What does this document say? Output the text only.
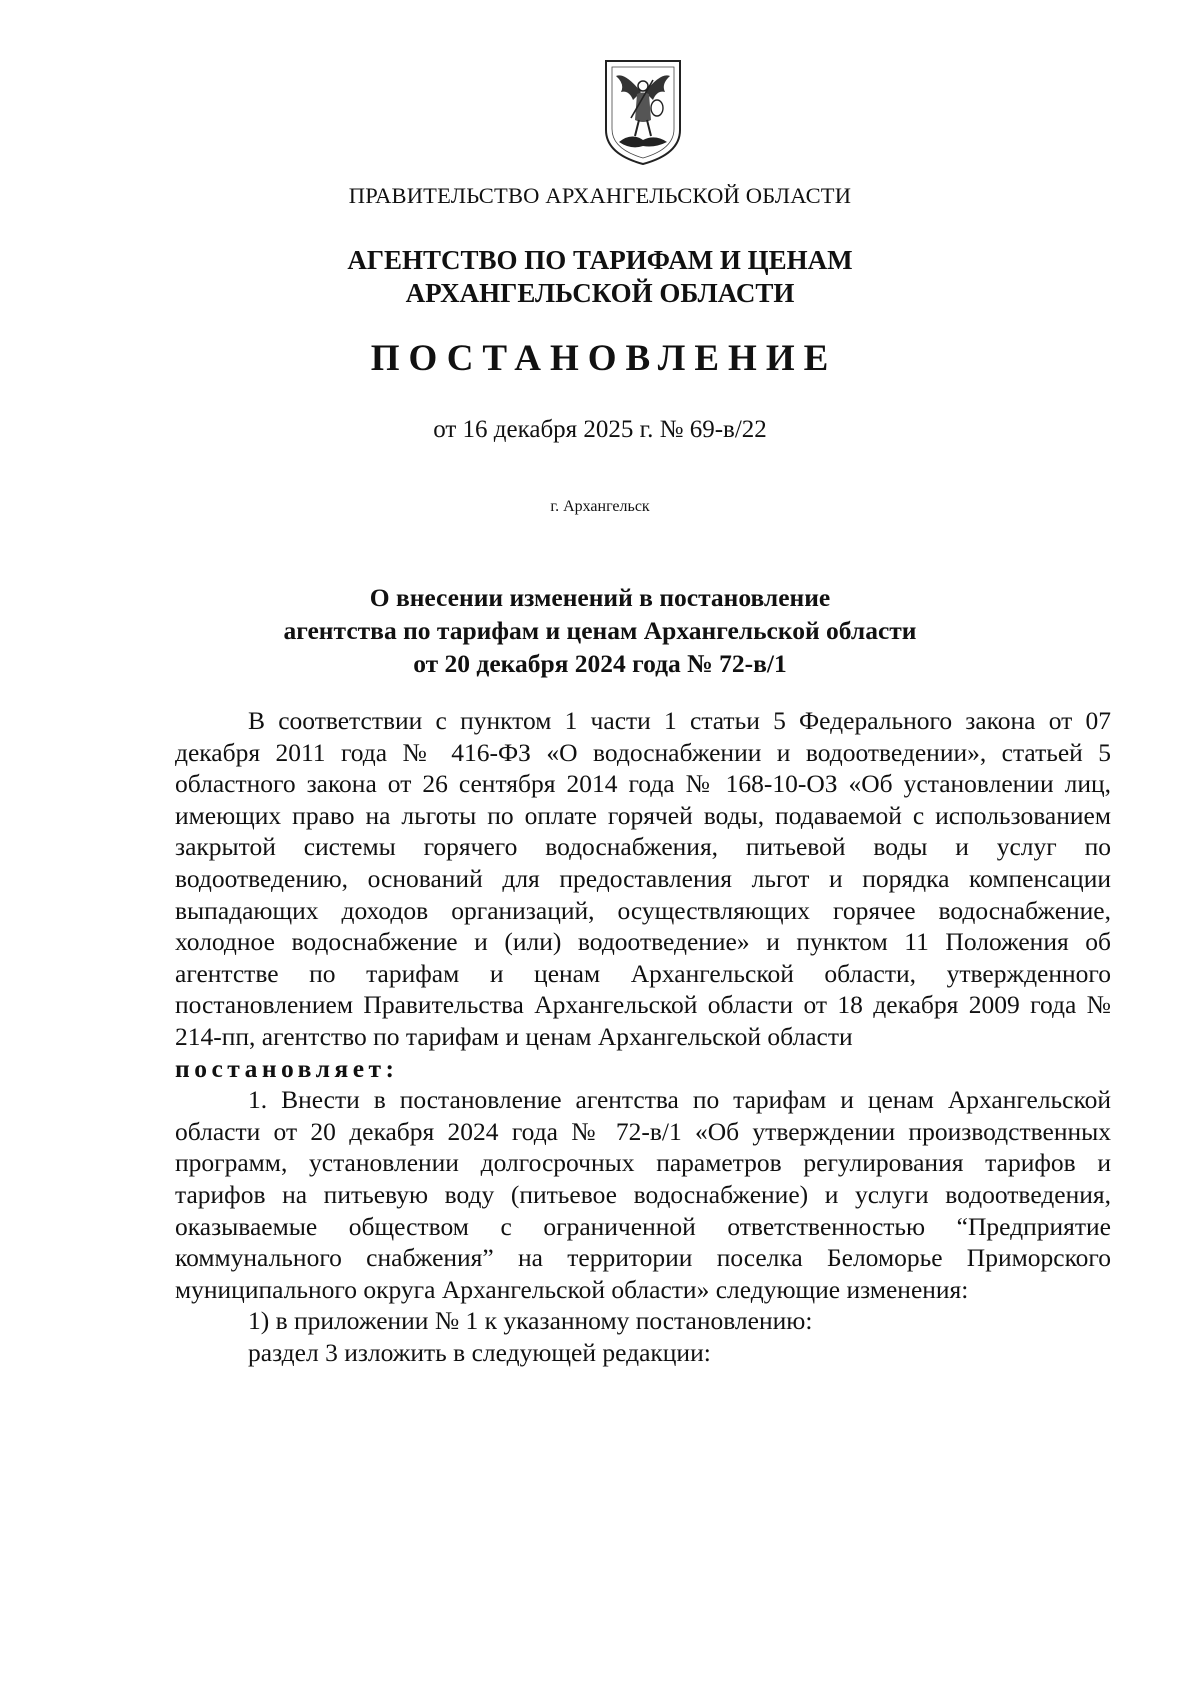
ПРАВИТЕЛЬСТВО АРХАНГЕЛЬСКОЙ ОБЛАСТИ
АГЕНТСТВО ПО ТАРИФАМ И ЦЕНАМ
АРХАНГЕЛЬСКОЙ ОБЛАСТИ
ПОСТАНОВЛЕНИЕ
от 16 декабря 2025 г. № 69-в/22
г. Архангельск
О внесении изменений в постановление
агентства по тарифам и ценам Архангельской области
от 20 декабря 2024 года № 72-в/1

В соответствии с пунктом 1 части 1 статьи 5 Федерального закона от 07 декабря 2011 года № 416-ФЗ «О водоснабжении и водоотведении», статьей 5 областного закона от 26 сентября 2014 года № 168-10-ОЗ «Об установлении лиц, имеющих право на льготы по оплате горячей воды, подаваемой с использованием закрытой системы горячего водоснабжения, питьевой воды и услуг по водоотведению, оснований для предоставления льгот и порядка компенсации выпадающих доходов организаций, осуществляющих горячее водоснабжение, холодное водоснабжение и (или) водоотведение» и пунктом 11 Положения об агентстве по тарифам и ценам Архангельской области, утвержденного постановлением Правительства Архангельской области от 18 декабря 2009 года № 214-пп, агентство по тарифам и ценам Архангельской области

постановляет:

1. Внести в постановление агентства по тарифам и ценам Архангельской области от 20 декабря 2024 года № 72-в/1 «Об утверждении производственных программ, установлении долгосрочных параметров регулирования тарифов и тарифов на питьевую воду (питьевое водоснабжение) и услуги водоотведения, оказываемые обществом с ограниченной ответственностью “Предприятие коммунального снабжения” на территории поселка Беломорье Приморского муниципального округа Архангельской области» следующие изменения:

1) в приложении № 1 к указанному постановлению:

раздел 3 изложить в следующей редакции:
